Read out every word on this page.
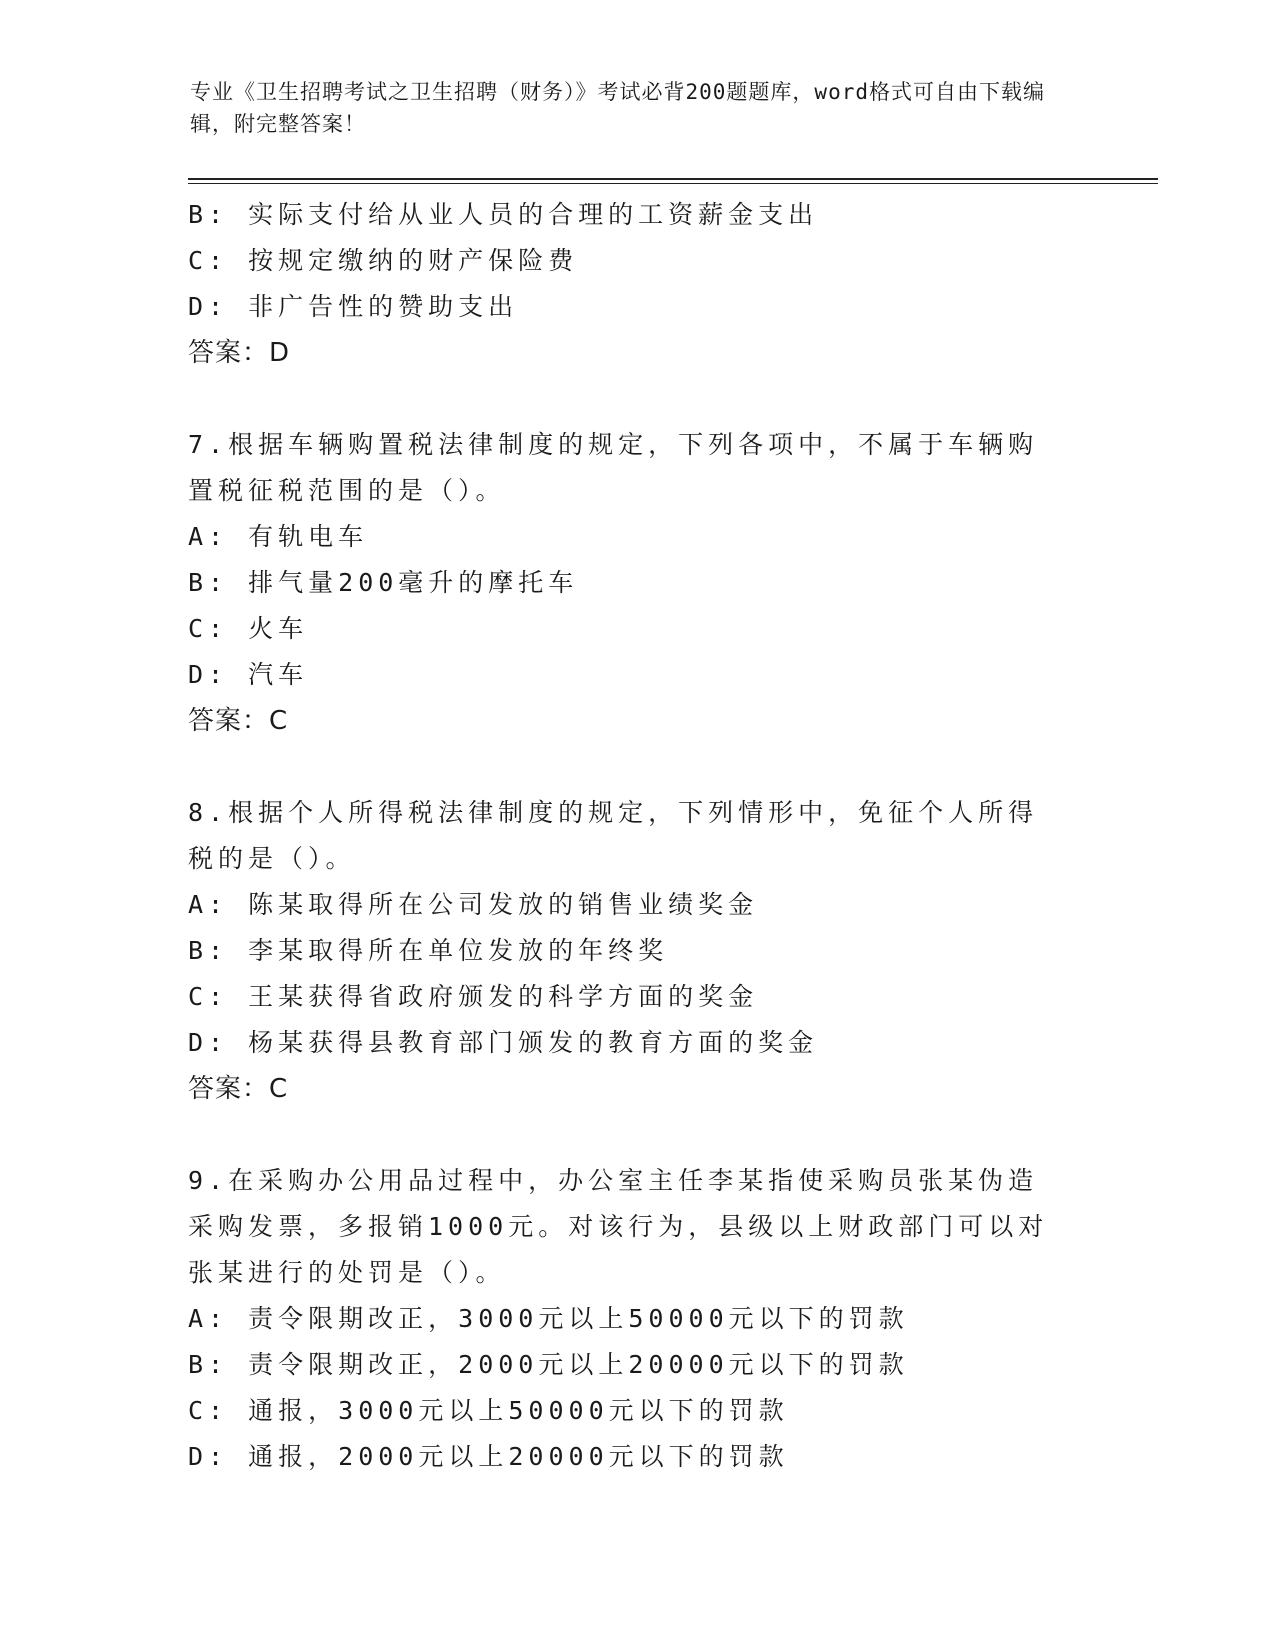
专业《卫生招聘考试之卫生招聘（财务）》考试必背200题题库，word格式可自由下载编辑，附完整答案！
B: 实际支付给从业人员的合理的工资薪金支出
C: 按规定缴纳的财产保险费
D: 非广告性的赞助支出
答案：D
7.根据车辆购置税法律制度的规定，下列各项中，不属于车辆购置税征税范围的是（）。
A: 有轨电车
B: 排气量200毫升的摩托车
C: 火车
D: 汽车
答案：C
8.根据个人所得税法律制度的规定，下列情形中，免征个人所得税的是（）。
A: 陈某取得所在公司发放的销售业绩奖金
B: 李某取得所在单位发放的年终奖
C: 王某获得省政府颁发的科学方面的奖金
D: 杨某获得县教育部门颁发的教育方面的奖金
答案：C
9.在采购办公用品过程中，办公室主任李某指使采购员张某伪造采购发票，多报销1000元。对该行为，县级以上财政部门可以对张某进行的处罚是（）。
A: 责令限期改正，3000元以上50000元以下的罚款
B: 责令限期改正，2000元以上20000元以下的罚款
C: 通报，3000元以上50000元以下的罚款
D: 通报，2000元以上20000元以下的罚款
